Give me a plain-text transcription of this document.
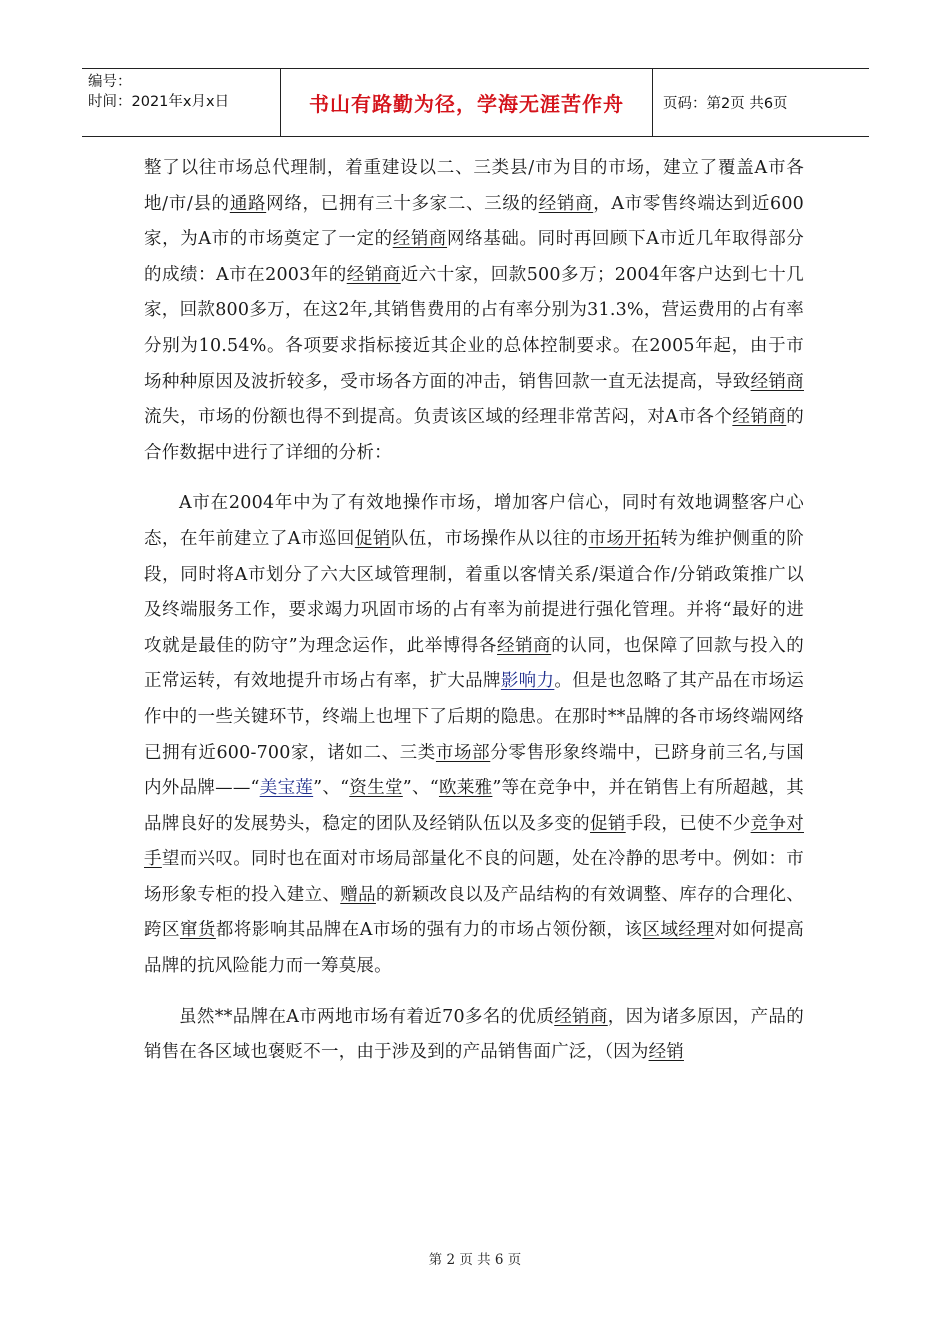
编号：
时间：2021年x月x日	书山有路勤为径，学海无涯苦作舟	页码：第2页 共6页

整了以往市场总代理制，着重建设以二、三类县/市为目的市场，建立了覆盖A市各地/市/县的通路网络，已拥有三十多家二、三级的经销商，A市零售终端达到近600家，为A市的市场奠定了一定的经销商网络基础。同时再回顾下A市近几年取得部分的成绩：A市在2003年的经销商近六十家，回款500多万；2004年客户达到七十几家，回款800多万，在这2年,其销售费用的占有率分别为31.3%，营运费用的占有率分别为10.54%。各项要求指标接近其企业的总体控制要求。在2005年起，由于市场种种原因及波折较多，受市场各方面的冲击，销售回款一直无法提高，导致经销商流失，市场的份额也得不到提高。负责该区域的经理非常苦闷，对A市各个经销商的合作数据中进行了详细的分析：

A市在2004年中为了有效地操作市场，增加客户信心，同时有效地调整客户心态，在年前建立了A市巡回促销队伍，市场操作从以往的市场开拓转为维护侧重的阶段，同时将A市划分了六大区域管理制，着重以客情关系/渠道合作/分销政策推广以及终端服务工作，要求竭力巩固市场的占有率为前提进行强化管理。并将“最好的进攻就是最佳的防守”为理念运作，此举博得各经销商的认同，也保障了回款与投入的正常运转，有效地提升市场占有率，扩大品牌影响力。但是也忽略了其产品在市场运作中的一些关键环节，终端上也埋下了后期的隐患。在那时**品牌的各市场终端网络已拥有近600-700家，诸如二、三类市场部分零售形象终端中，已跻身前三名,与国内外品牌——“美宝莲”、“资生堂”、“欧莱雅”等在竞争中，并在销售上有所超越，其品牌良好的发展势头，稳定的团队及经销队伍以及多变的促销手段，已使不少竞争对手望而兴叹。同时也在面对市场局部量化不良的问题，处在冷静的思考中。例如：市场形象专柜的投入建立、赠品的新颖改良以及产品结构的有效调整、库存的合理化、跨区窜货都将影响其品牌在A市场的强有力的市场占领份额，该区域经理对如何提高品牌的抗风险能力而一筹莫展。

虽然**品牌在A市两地市场有着近70多名的优质经销商，因为诸多原因，产品的销售在各区域也褒贬不一，由于涉及到的产品销售面广泛，（因为经销

第 2 页 共 6 页
